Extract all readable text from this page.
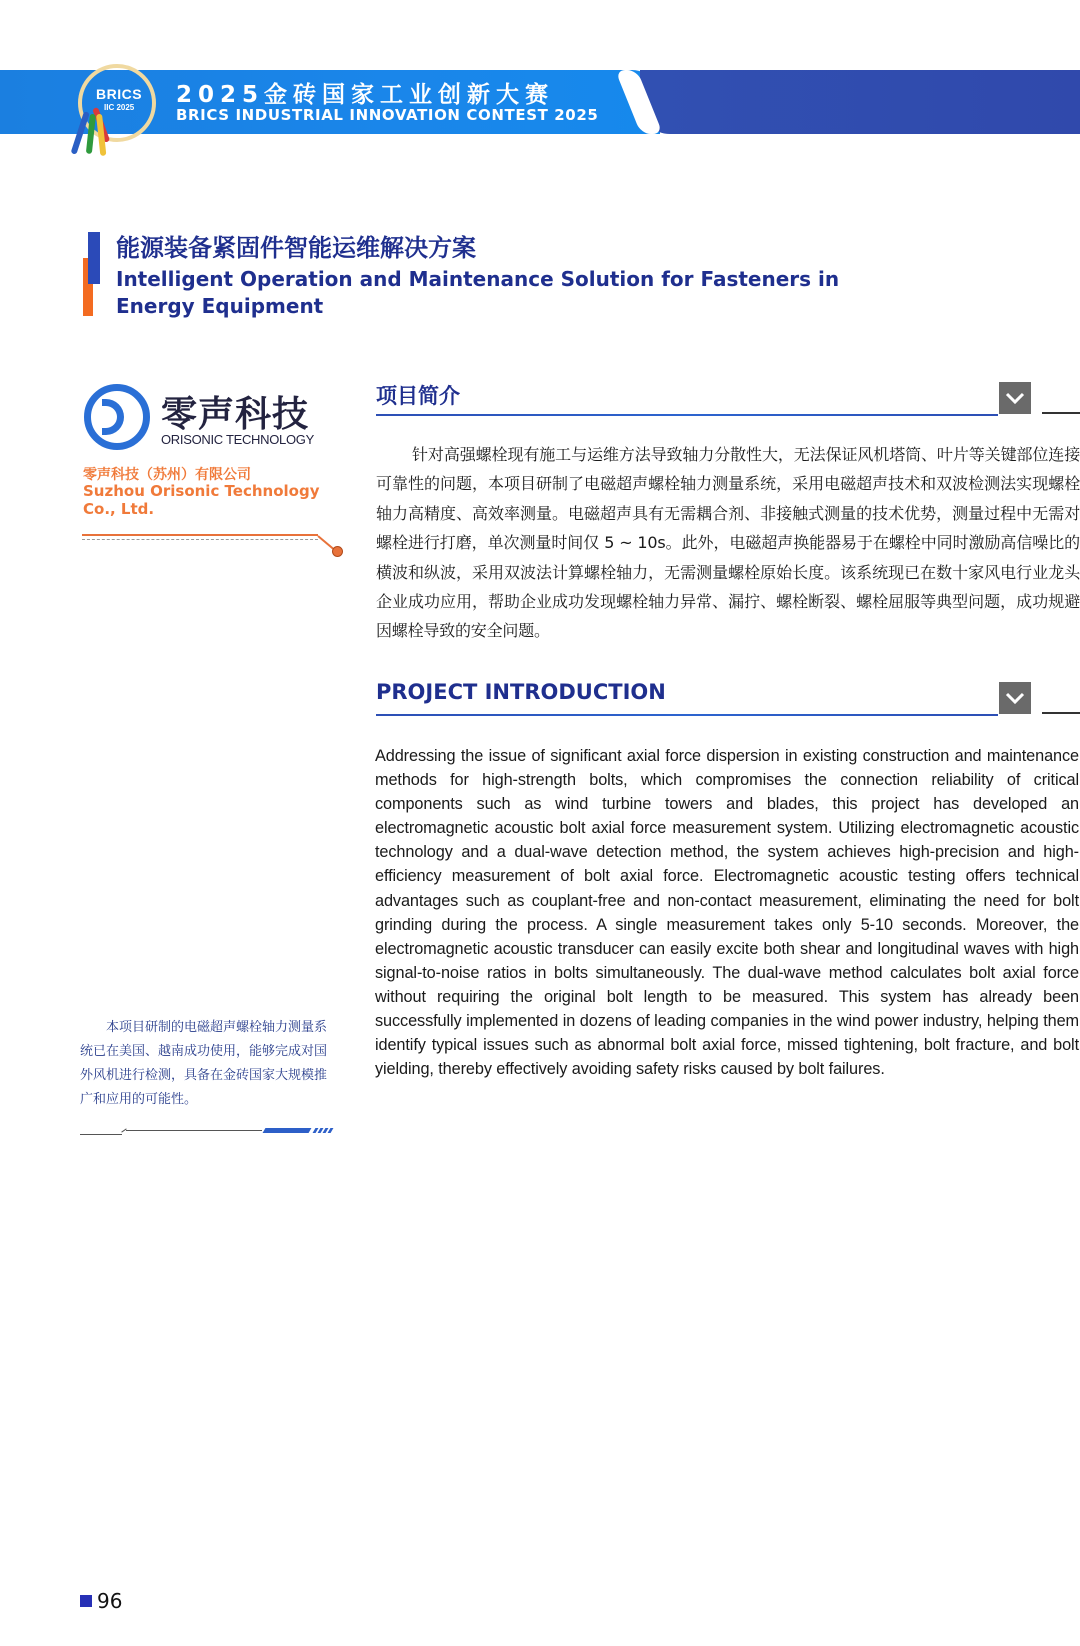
BRICS
IIC 2025 2025金砖国家工业创新大赛
BRICS INDUSTRIAL INNOVATION CONTEST 2025
能源装备紧固件智能运维解决方案
Intelligent Operation and Maintenance Solution for Fasteners in Energy Equipment
零声科技
ORISONIC TECHNOLOGY
零声科技（苏州）有限公司
Suzhou Orisonic Technology Co., Ltd.
项目简介
针对高强螺栓现有施工与运维方法导致轴力分散性大，无法保证风机塔筒、叶片等关键部位连接可靠性的问题，本项目研制了电磁超声螺栓轴力测量系统，采用电磁超声技术和双波检测法实现螺栓轴力高精度、高效率测量。电磁超声具有无需耦合剂、非接触式测量的技术优势，测量过程中无需对螺栓进行打磨，单次测量时间仅 5 ~ 10s。此外，电磁超声换能器易于在螺栓中同时激励高信噪比的横波和纵波，采用双波法计算螺栓轴力，无需测量螺栓原始长度。该系统现已在数十家风电行业龙头企业成功应用，帮助企业成功发现螺栓轴力异常、漏拧、螺栓断裂、螺栓屈服等典型问题，成功规避因螺栓导致的安全问题。
PROJECT INTRODUCTION
Addressing the issue of significant axial force dispersion in existing construction and maintenance methods for high-strength bolts, which compromises the connection reliability of critical components such as wind turbine towers and blades, this project has developed an electromagnetic acoustic bolt axial force measurement system. Utilizing electromagnetic acoustic technology and a dual-wave detection method, the system achieves high-precision and high-efficiency measurement of bolt axial force. Electromagnetic acoustic testing offers technical advantages such as couplant-free and non-contact measurement, eliminating the need for bolt grinding during the process. A single measurement takes only 5-10 seconds. Moreover, the electromagnetic acoustic transducer can easily excite both shear and longitudinal waves with high signal-to-noise ratios in bolts simultaneously. The dual-wave method calculates bolt axial force without requiring the original bolt length to be measured. This system has already been successfully implemented in dozens of leading companies in the wind power industry, helping them identify typical issues such as abnormal bolt axial force, missed tightening, bolt fracture, and bolt yielding, thereby effectively avoiding safety risks caused by bolt failures.
本项目研制的电磁超声螺栓轴力测量系统已在美国、越南成功使用，能够完成对国外风机进行检测，具备在金砖国家大规模推广和应用的可能性。
96
